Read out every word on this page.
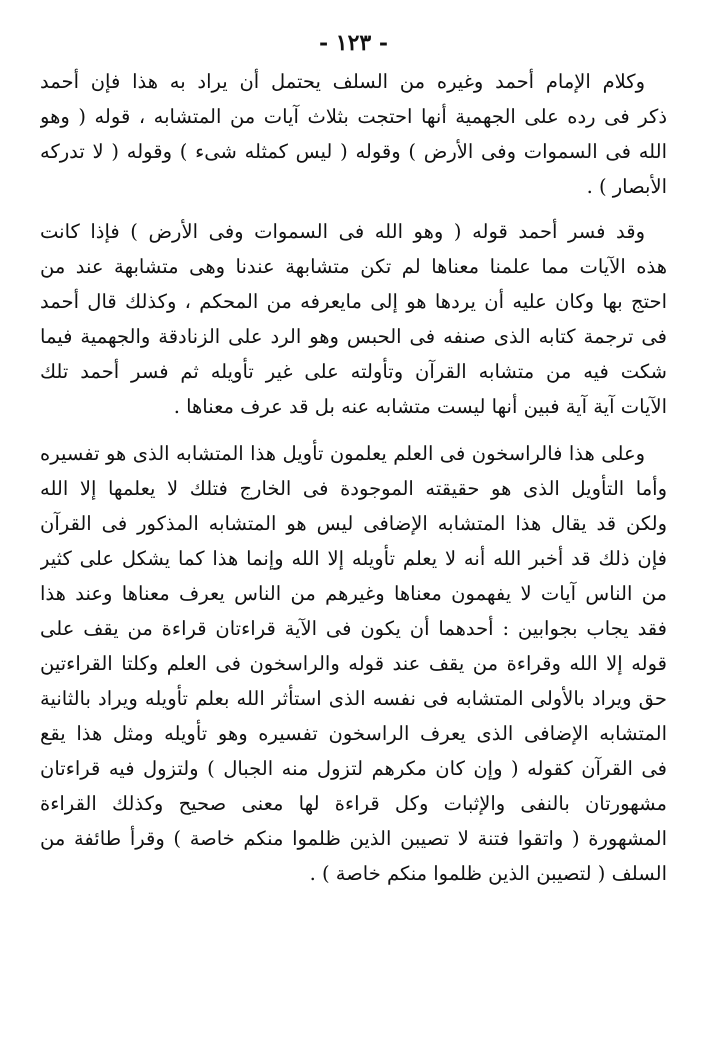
- ١٢٣ -
وكلام الإمام أحمد وغيره من السلف يحتمل أن يراد به هذا فإن أحمد
ذكر فى رده على الجهمية أنها احتجت بثلاث آيات من المتشابه ، قوله ( وهو
الله فى السموات وفى الأرض ) وقوله ( ليس كمثله شىء ) وقوله ( لا تدركه
الأبصار ) .
وقد فسر أحمد قوله ( وهو الله فى السموات وفى الأرض ) فإذا كانت
هذه الآيات مما علمنا معناها لم تكن متشابهة عندنا وهى متشابهة عند من
احتج بها وكان عليه أن يردها هو إلى مايعرفه من المحكم ، وكذلك قال أحمد
فى ترجمة كتابه الذى صنفه فى الحبس وهو الرد على الزنادقة والجهمية فيما
شكت فيه من متشابه القرآن وتأولته على غير تأويله ثم فسر أحمد تلك
الآيات آية آية فبين أنها ليست متشابه عنه بل قد عرف معناها .
وعلى هذا فالراسخون فى العلم يعلمون تأويل هذا المتشابه الذى هو تفسيره
وأما التأويل الذى هو حقيقته الموجودة فى الخارج فتلك لا يعلمها إلا الله
ولكن قد يقال هذا المتشابه الإضافى ليس هو المتشابه المذكور فى القرآن
فإن ذلك قد أخبر الله أنه لا يعلم تأويله إلا الله وإنما هذا كما يشكل على كثير
من الناس آيات لا يفهمون معناها وغيرهم من الناس يعرف معناها وعند هذا
فقد يجاب بجوابين : أحدهما أن يكون فى الآية قراءتان قراءة من يقف على
قوله إلا الله وقراءة من يقف عند قوله والراسخون فى العلم وكلتا القراءتين
حق ويراد بالأولى المتشابه فى نفسه الذى استأثر الله بعلم تأويله ويراد بالثانية
المتشابه الإضافى الذى يعرف الراسخون تفسيره وهو تأويله ومثل هذا يقع
فى القرآن كقوله ( وإن كان مكرهم لتزول منه الجبال ) ولتزول فيه قراءتان
مشهورتان بالنفى والإثبات وكل قراءة لها معنى صحيح وكذلك القراءة
المشهورة ( واتقوا فتنة لا تصيبن الذين ظلموا منكم خاصة ) وقرأ طائفة من
السلف ( لتصيبن الذين ظلموا منكم خاصة ) .
